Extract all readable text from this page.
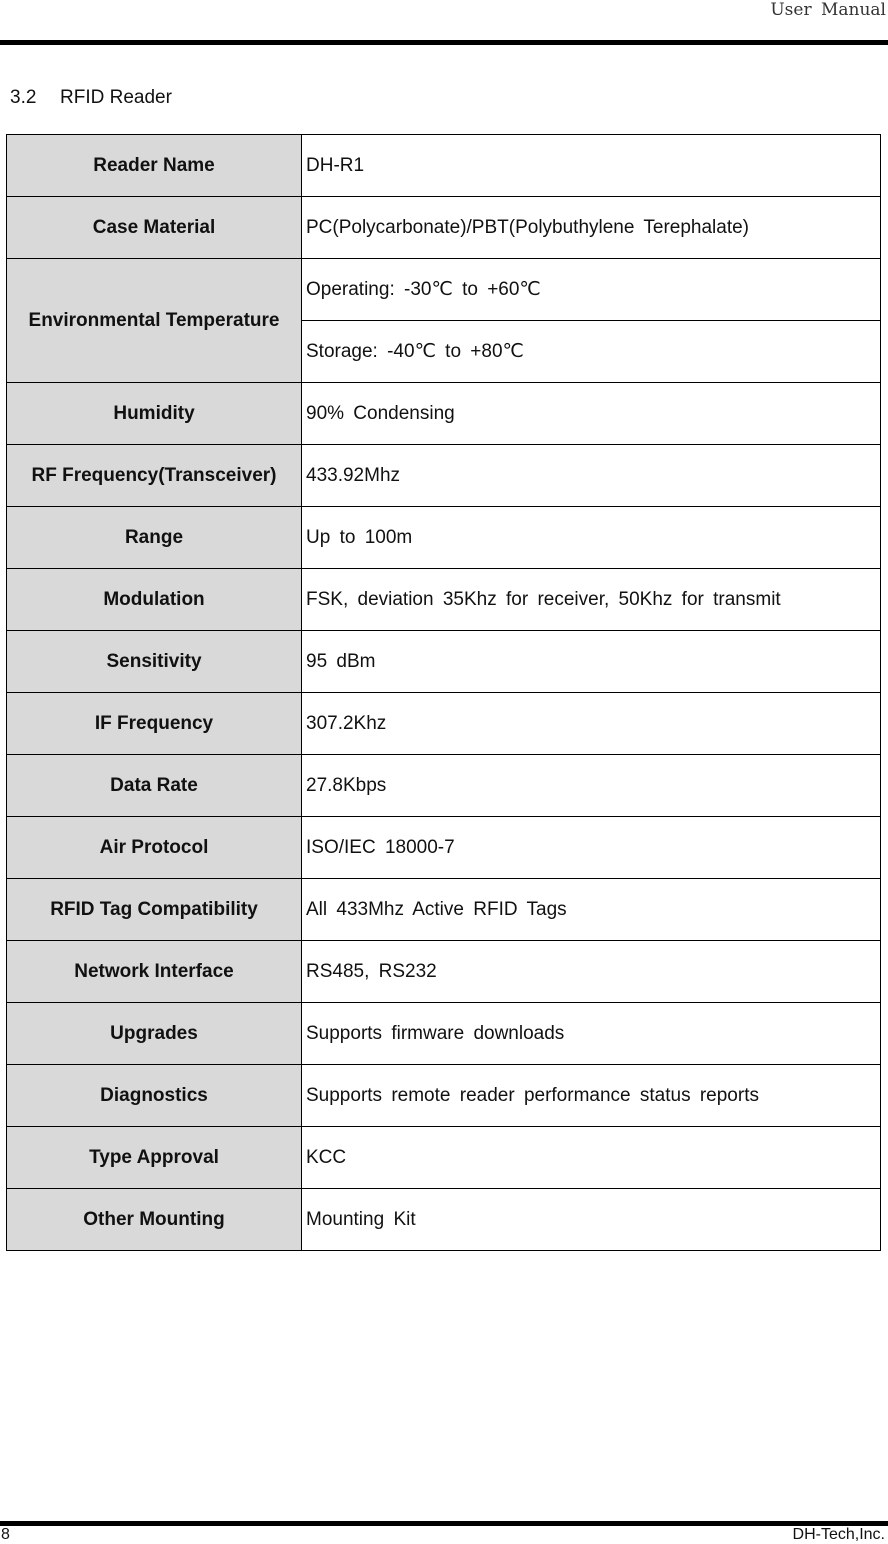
User Manual
3.2 RFID Reader
Reader Name	DH-R1
Case Material	PC(Polycarbonate)/PBT(Polybuthylene Terephalate)
Environmental Temperature	Operating: -30℃ to +60℃
	Storage: -40℃ to +80℃
Humidity	90% Condensing
RF Frequency(Transceiver)	433.92Mhz
Range	Up to 100m
Modulation	FSK, deviation 35Khz for receiver, 50Khz for transmit
Sensitivity	95 dBm
IF Frequency	307.2Khz
Data Rate	27.8Kbps
Air Protocol	ISO/IEC 18000-7
RFID Tag Compatibility	All 433Mhz Active RFID Tags
Network Interface	RS485, RS232
Upgrades	Supports firmware downloads
Diagnostics	Supports remote reader performance status reports
Type Approval	KCC
Other Mounting	Mounting Kit
8	DH-Tech,Inc.
